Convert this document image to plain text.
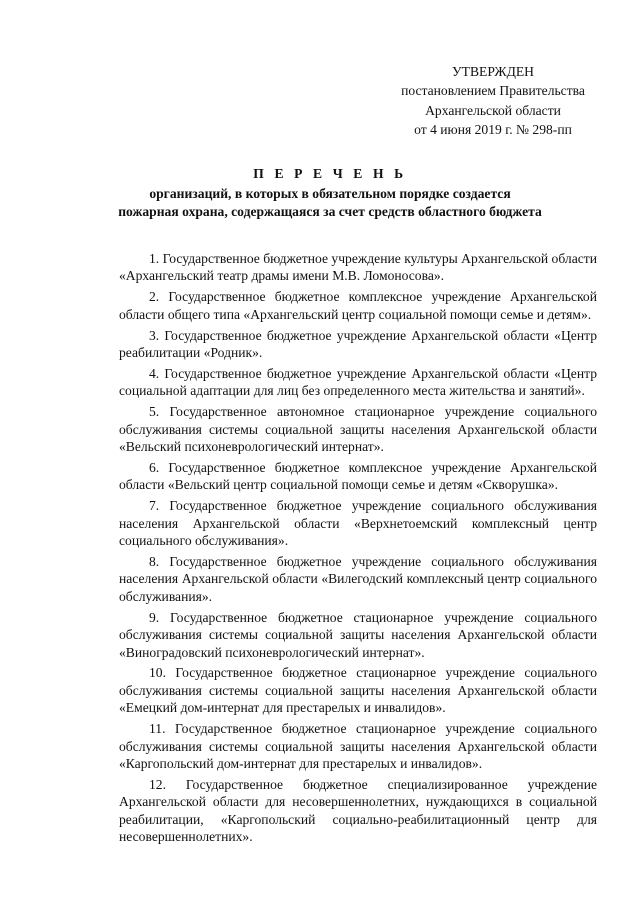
УТВЕРЖДЕН
постановлением Правительства
Архангельской области
от 4 июня 2019 г. № 298-пп
П Е Р Е Ч Е Н Ь
организаций, в которых в обязательном порядке создается
пожарная охрана, содержащаяся за счет средств областного бюджета

1. Государственное бюджетное учреждение культуры Архангельской области «Архангельский театр драмы имени М.В. Ломоносова».

2. Государственное бюджетное комплексное учреждение Архангельской области общего типа «Архангельский центр социальной помощи семье и детям».

3. Государственное бюджетное учреждение Архангельской области «Центр реабилитации «Родник».

4. Государственное бюджетное учреждение Архангельской области «Центр социальной адаптации для лиц без определенного места жительства и занятий».

5. Государственное автономное стационарное учреждение социального обслуживания системы социальной защиты населения Архангельской области «Вельский психоневрологический интернат».

6. Государственное бюджетное комплексное учреждение Архангельской области «Вельский центр социальной помощи семье и детям «Скворушка».

7. Государственное бюджетное учреждение социального обслуживания населения Архангельской области «Верхнетоемский комплексный центр социального обслуживания».

8. Государственное бюджетное учреждение социального обслуживания населения Архангельской области «Вилегодский комплексный центр социального обслуживания».

9. Государственное бюджетное стационарное учреждение социального обслуживания системы социальной защиты населения Архангельской области «Виноградовский психоневрологический интернат».

10. Государственное бюджетное стационарное учреждение социального обслуживания системы социальной защиты населения Архангельской области «Емецкий дом-интернат для престарелых и инвалидов».

11. Государственное бюджетное стационарное учреждение социального обслуживания системы социальной защиты населения Архангельской области «Каргопольский дом-интернат для престарелых и инвалидов».

12. Государственное бюджетное специализированное учреждение Архангельской области для несовершеннолетних, нуждающихся в социальной реабилитации, «Каргопольский социально-реабилитационный центр для несовершеннолетних».
